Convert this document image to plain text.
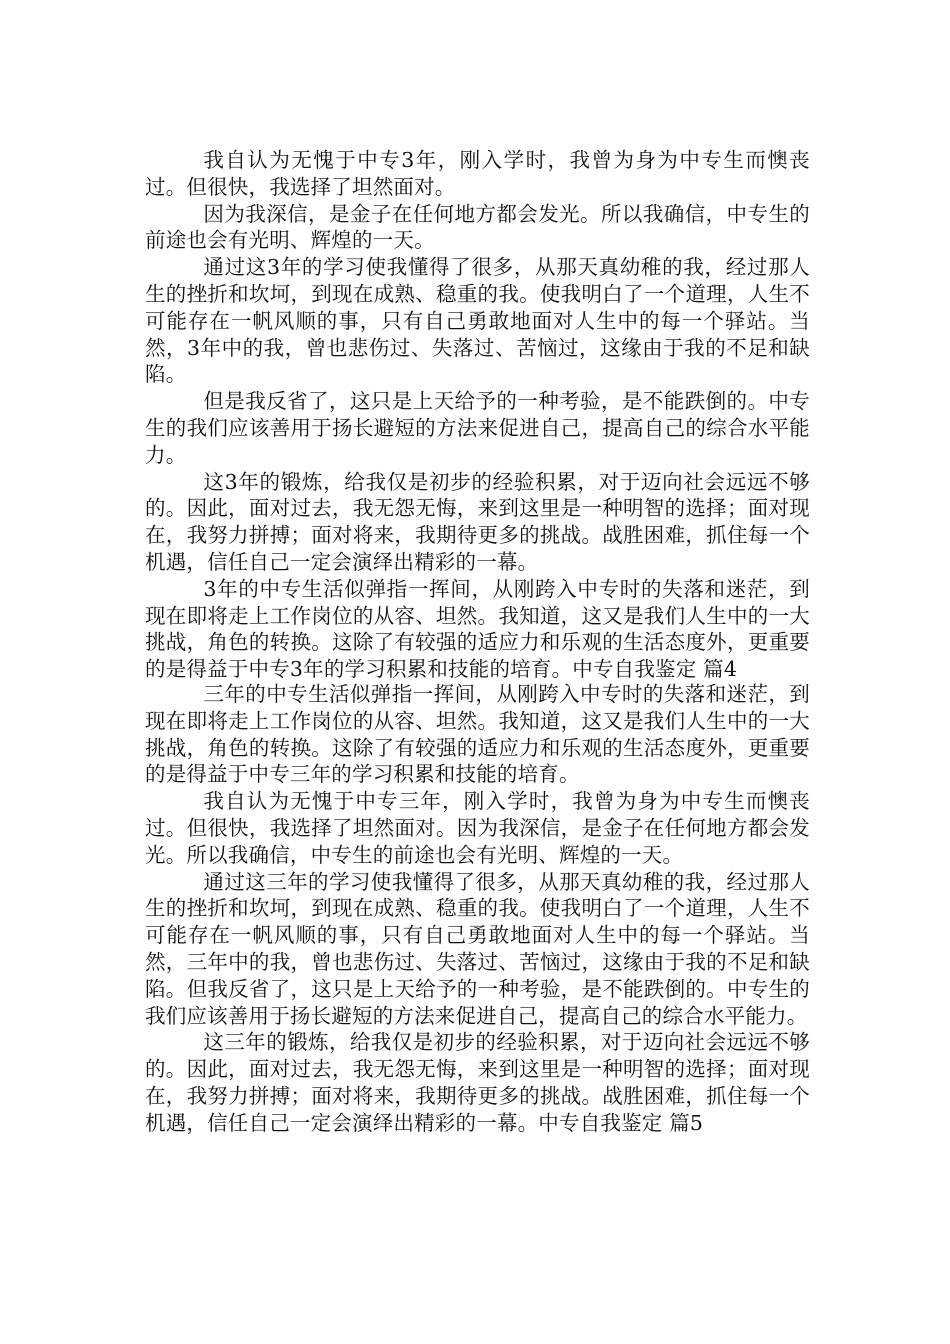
我自认为无愧于中专3年，刚入学时，我曾为身为中专生而懊丧过。但很快，我选择了坦然面对。

因为我深信，是金子在任何地方都会发光。所以我确信，中专生的前途也会有光明、辉煌的一天。

通过这3年的学习使我懂得了很多，从那天真幼稚的我，经过那人生的挫折和坎坷，到现在成熟、稳重的我。使我明白了一个道理，人生不可能存在一帆风顺的事，只有自己勇敢地面对人生中的每一个驿站。当然，3年中的我，曾也悲伤过、失落过、苦恼过，这缘由于我的不足和缺陷。

但是我反省了，这只是上天给予的一种考验，是不能跌倒的。中专生的我们应该善用于扬长避短的方法来促进自己，提高自己的综合水平能力。

这3年的锻炼，给我仅是初步的经验积累，对于迈向社会远远不够的。因此，面对过去，我无怨无悔，来到这里是一种明智的选择；面对现在，我努力拼搏；面对将来，我期待更多的挑战。战胜困难，抓住每一个机遇，信任自己一定会演绎出精彩的一幕。

3年的中专生活似弹指一挥间，从刚跨入中专时的失落和迷茫，到现在即将走上工作岗位的从容、坦然。我知道，这又是我们人生中的一大挑战，角色的转换。这除了有较强的适应力和乐观的生活态度外，更重要的是得益于中专3年的学习积累和技能的培育。中专自我鉴定 篇4

三年的中专生活似弹指一挥间，从刚跨入中专时的失落和迷茫，到现在即将走上工作岗位的从容、坦然。我知道，这又是我们人生中的一大挑战，角色的转换。这除了有较强的适应力和乐观的生活态度外，更重要的是得益于中专三年的学习积累和技能的培育。

我自认为无愧于中专三年，刚入学时，我曾为身为中专生而懊丧过。但很快，我选择了坦然面对。因为我深信，是金子在任何地方都会发光。所以我确信，中专生的前途也会有光明、辉煌的一天。

通过这三年的学习使我懂得了很多，从那天真幼稚的我，经过那人生的挫折和坎坷，到现在成熟、稳重的我。使我明白了一个道理，人生不可能存在一帆风顺的事，只有自己勇敢地面对人生中的每一个驿站。当然，三年中的我，曾也悲伤过、失落过、苦恼过，这缘由于我的不足和缺陷。但我反省了，这只是上天给予的一种考验，是不能跌倒的。中专生的我们应该善用于扬长避短的方法来促进自己，提高自己的综合水平能力。

这三年的锻炼，给我仅是初步的经验积累，对于迈向社会远远不够的。因此，面对过去，我无怨无悔，来到这里是一种明智的选择；面对现在，我努力拼搏；面对将来，我期待更多的挑战。战胜困难，抓住每一个机遇，信任自己一定会演绎出精彩的一幕。中专自我鉴定 篇5
